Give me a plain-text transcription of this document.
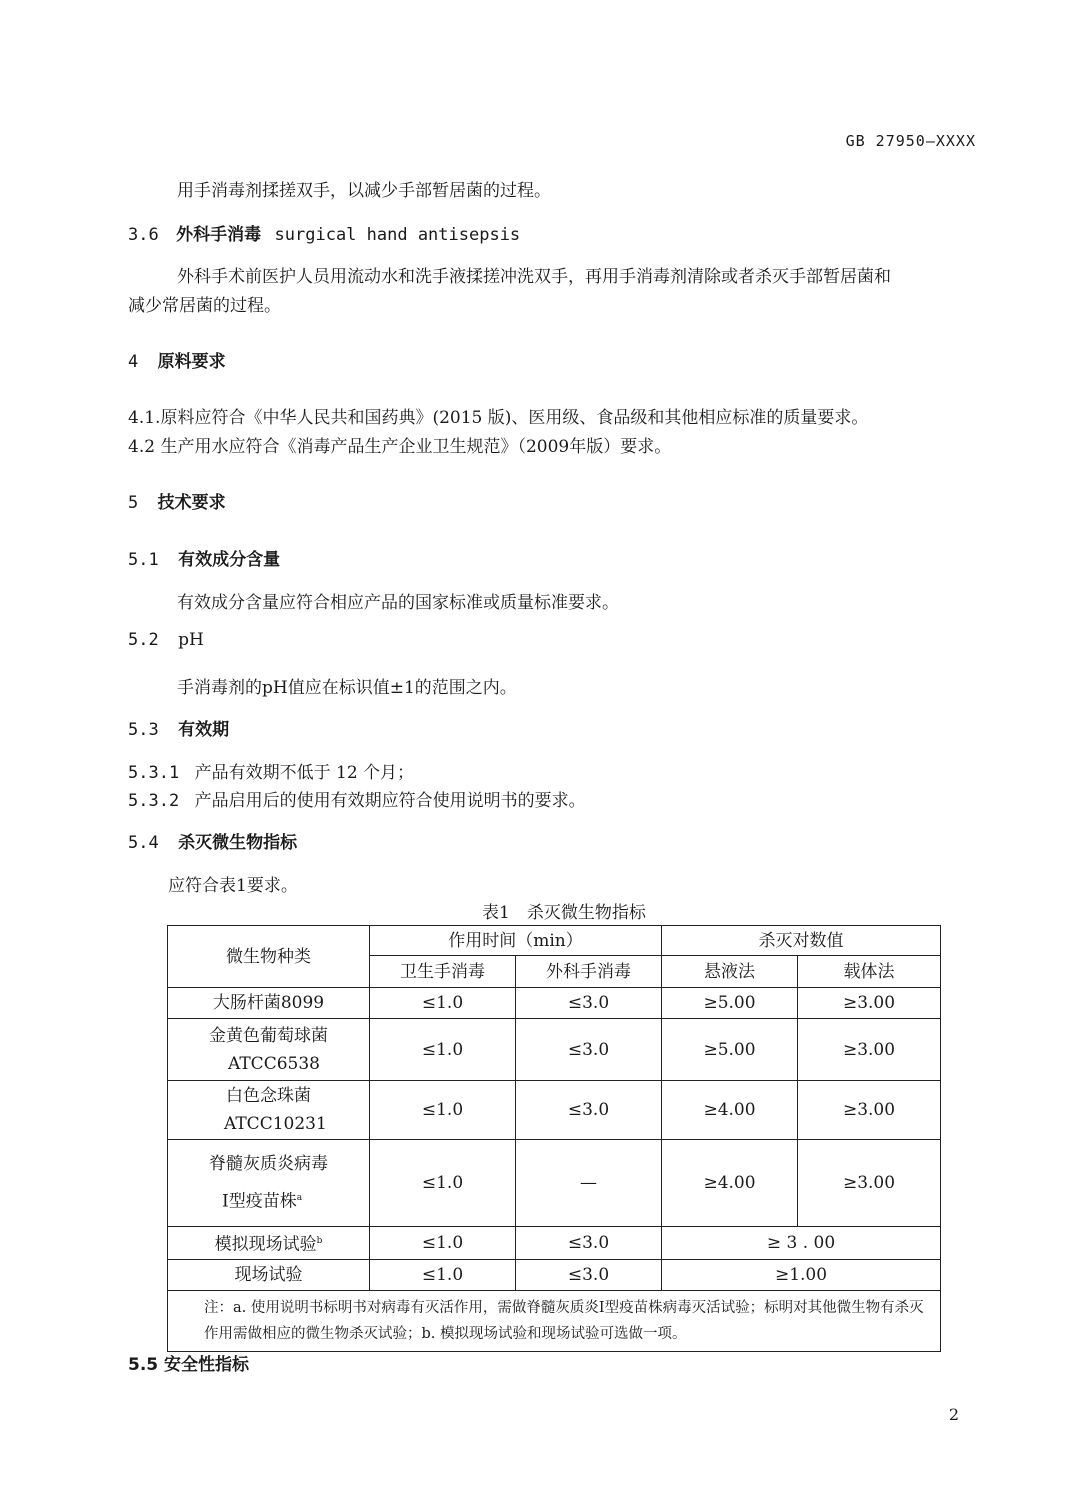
GB 27950—XXXX
用手消毒剂揉搓双手，以减少手部暂居菌的过程。
3.6 外科手消毒 surgical hand antisepsis
外科手术前医护人员用流动水和洗手液揉搓冲洗双手，再用手消毒剂清除或者杀灭手部暂居菌和
减少常居菌的过程。
4 原料要求
4.1.原料应符合《中华人民共和国药典》(2015 版)、医用级、食品级和其他相应标准的质量要求。
4.2 生产用水应符合《消毒产品生产企业卫生规范》（2009年版）要求。
5 技术要求
5.1 有效成分含量
有效成分含量应符合相应产品的国家标准或质量标准要求。
5.2 pH
手消毒剂的pH值应在标识值±1的范围之内。
5.3 有效期
5.3.1 产品有效期不低于 12 个月；
5.3.2 产品启用后的使用有效期应符合使用说明书的要求。
5.4 杀灭微生物指标
应符合表1要求。
表1　杀灭微生物指标
微生物种类	作用时间（min）		杀灭对数值	
	卫生手消毒	外科手消毒	悬液法	载体法
大肠杆菌8099	≤1.0	≤3.0	≥5.00	≥3.00

金黄色葡萄球菌
ATCC6538	≤1.0	≤3.0	≥5.00	≥3.00

白色念珠菌
ATCC10231	≤1.0	≤3.0	≥4.00	≥3.00

脊髓灰质炎病毒
Ⅰ型疫苗株$^a$	≤1.0	—	≥4.00	≥3.00
模拟现场试验$^b$	≤1.0	≤3.0	≥ 3 . 00	
现场试验	≤1.0	≤3.0	≥1.00	
注：a. 使用说明书标明书对病毒有灭活作用，需做脊髓灰质炎Ⅰ型疫苗株病毒灭活试验；标明对其他微生物有杀灭作用需做相应的微生物杀灭试验；b. 模拟现场试验和现场试验可选做一项。				
5.5 安全性指标
2
